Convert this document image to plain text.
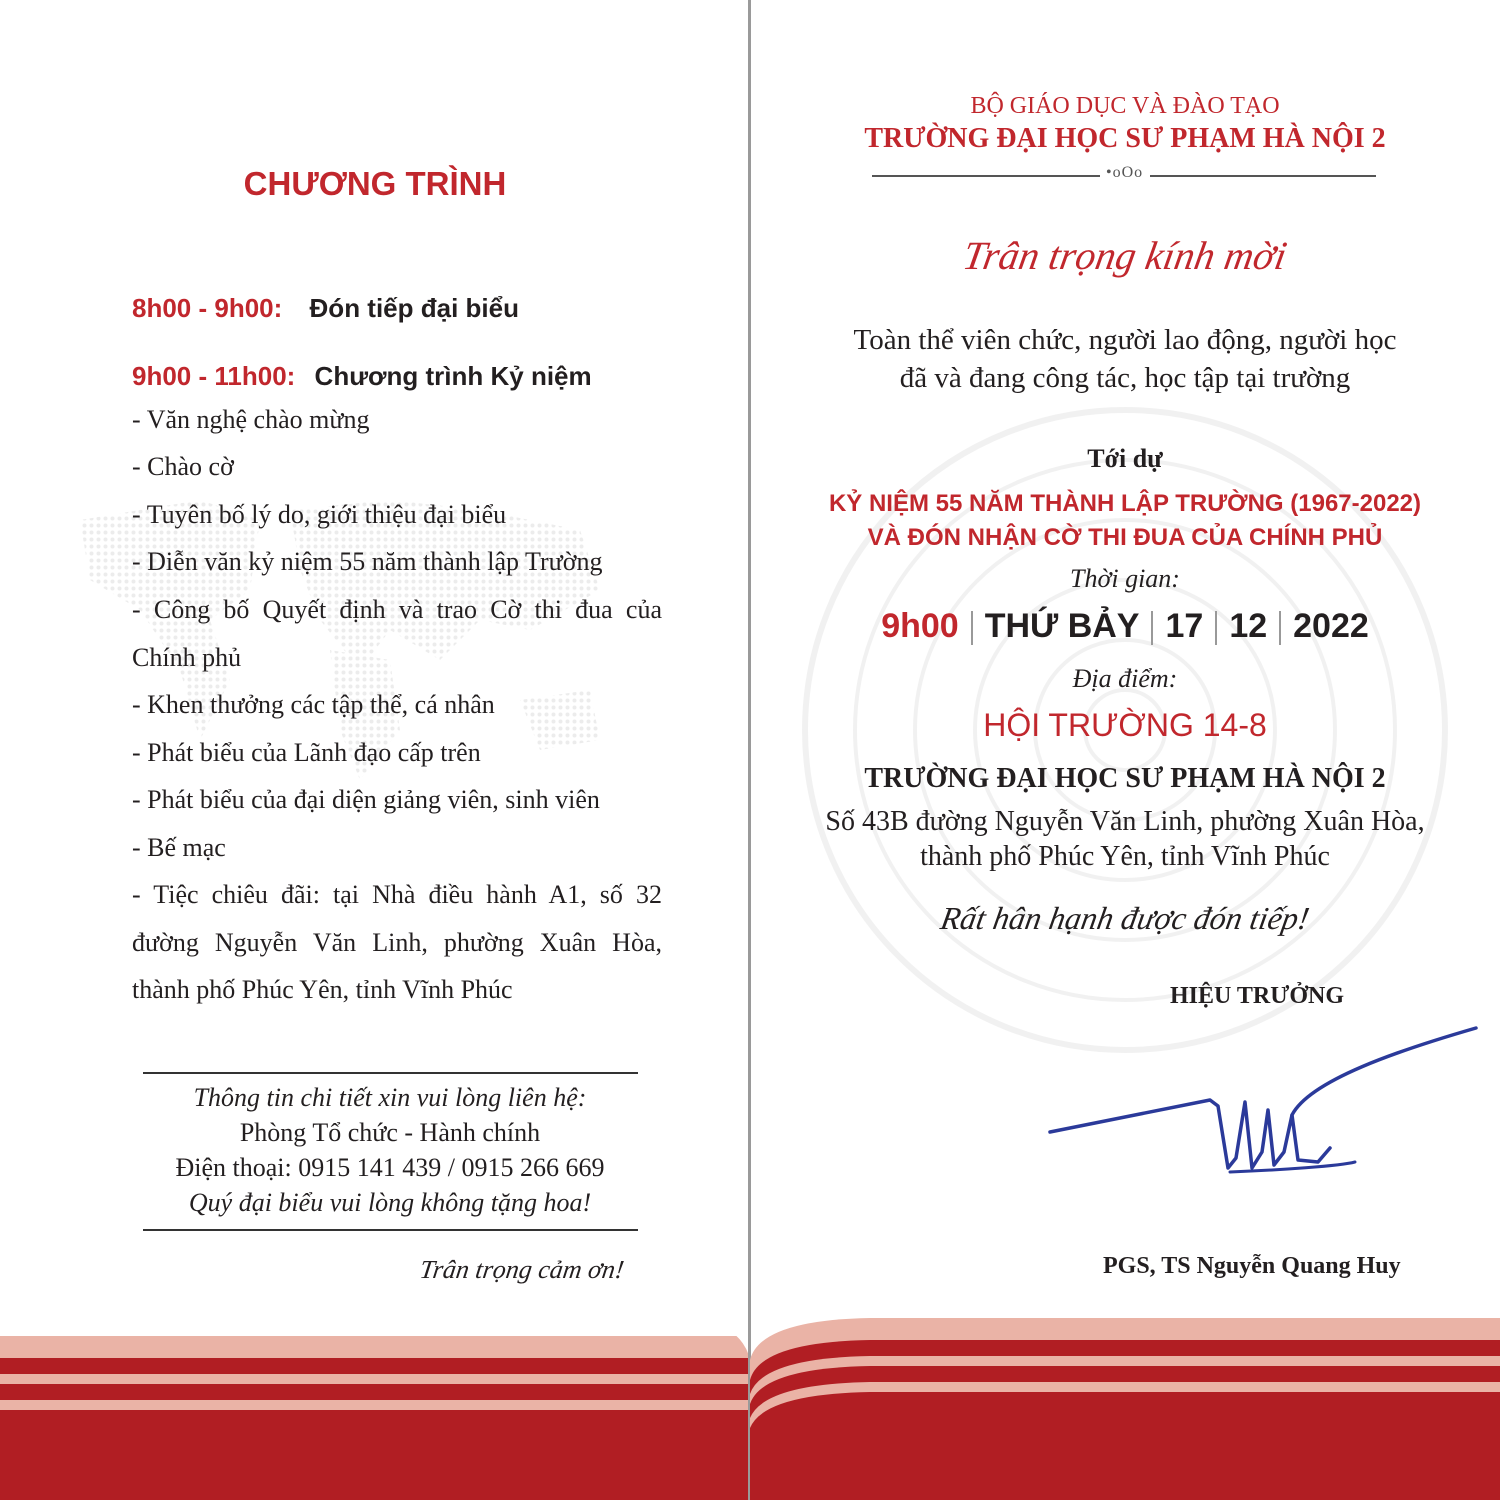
CHƯƠNG TRÌNH
8h00 - 9h00: Đón tiếp đại biểu
9h00 - 11h00: Chương trình Kỷ niệm
- Văn nghệ chào mừng
- Chào cờ
- Tuyên bố lý do, giới thiệu đại biểu
- Diễn văn kỷ niệm 55 năm thành lập Trường
- Công bố Quyết định và trao Cờ thi đua của Chính phủ
- Khen thưởng các tập thể, cá nhân
- Phát biểu của Lãnh đạo cấp trên
- Phát biểu của đại diện giảng viên, sinh viên
- Bế mạc
- Tiệc chiêu đãi: tại Nhà điều hành A1, số 32 đường Nguyễn Văn Linh, phường Xuân Hòa, thành phố Phúc Yên, tỉnh Vĩnh Phúc
Thông tin chi tiết xin vui lòng liên hệ:
Phòng Tổ chức - Hành chính
Điện thoại: 0915 141 439 / 0915 266 669
Quý đại biểu vui lòng không tặng hoa!
Trân trọng cảm ơn!
BỘ GIÁO DỤC VÀ ĐÀO TẠO
TRƯỜNG ĐẠI HỌC SƯ PHẠM HÀ NỘI 2
•oOo
Trân trọng kính mời
Toàn thể viên chức, người lao động, người học
đã và đang công tác, học tập tại trường
Tới dự
KỶ NIỆM 55 NĂM THÀNH LẬP TRƯỜNG (1967-2022)
VÀ ĐÓN NHẬN CỜ THI ĐUA CỦA CHÍNH PHỦ
Thời gian:
9h00 THỨ BẢY 17 12 2022
Địa điểm:
HỘI TRƯỜNG 14-8
TRƯỜNG ĐẠI HỌC SƯ PHẠM HÀ NỘI 2
Số 43B đường Nguyễn Văn Linh, phường Xuân Hòa,
thành phố Phúc Yên, tỉnh Vĩnh Phúc
Rất hân hạnh được đón tiếp!
HIỆU TRƯỞNG
PGS, TS Nguyễn Quang Huy
